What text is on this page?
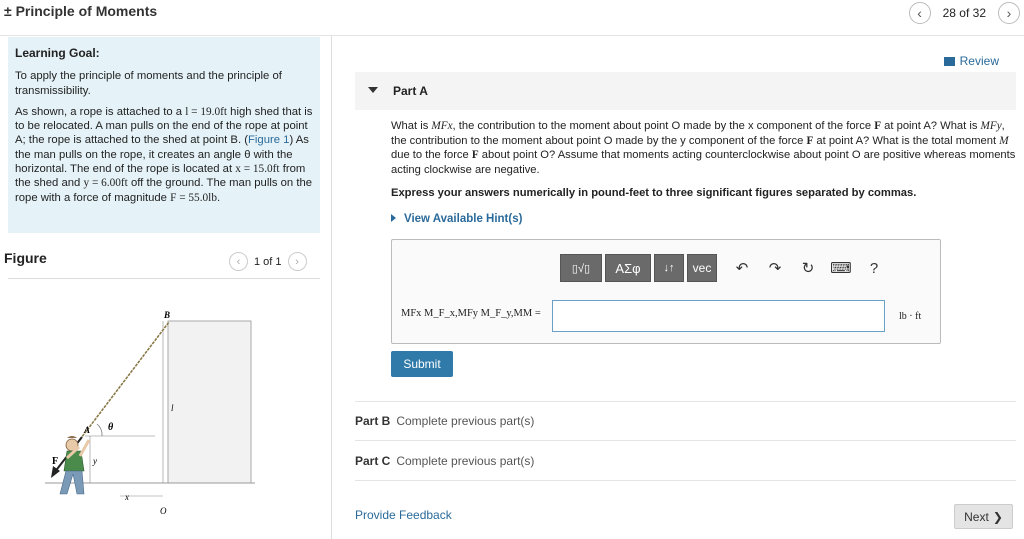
± Principle of Moments	‹ 28 of 32 ›
Learning Goal:

To apply the principle of moments and the principle of transmissibility.

As shown, a rope is attached to a l = 19.0ft high shed that is to be relocated. A man pulls on the end of the rope at point A; the rope is attached to the shed at point B. (Figure 1) As the man pulls on the rope, it creates an angle θ with the horizontal. The end of the rope is located at x = 15.0ft from the shed and y = 6.00ft off the ground. The man pulls on the rope with a force of magnitude F = 55.0lb.

Figure	‹ 1 of 1 ›
B
A θ
F	y
x
l
O
Review
Part A
What is MFx, the contribution to the moment about point O made by the x component of the force F at point A? What is MFy, the contribution to the moment about point O made by the y component of the force F at point A? What is the total moment M due to the force F about point O? Assume that moments acting counterclockwise about point O are positive whereas moments acting clockwise are negative.
Express your answers numerically in pound-feet to three significant figures separated by commas.
View Available Hint(s)
▯√▯ ΑΣφ ↓↑ vec ↶ ↷ ↻ ⌨ ?
MFx M_F_x,MFy M_F_y,MM =	lb · ft
Submit
Part B Complete previous part(s)
Part C Complete previous part(s)
Provide Feedback	Next ❯
